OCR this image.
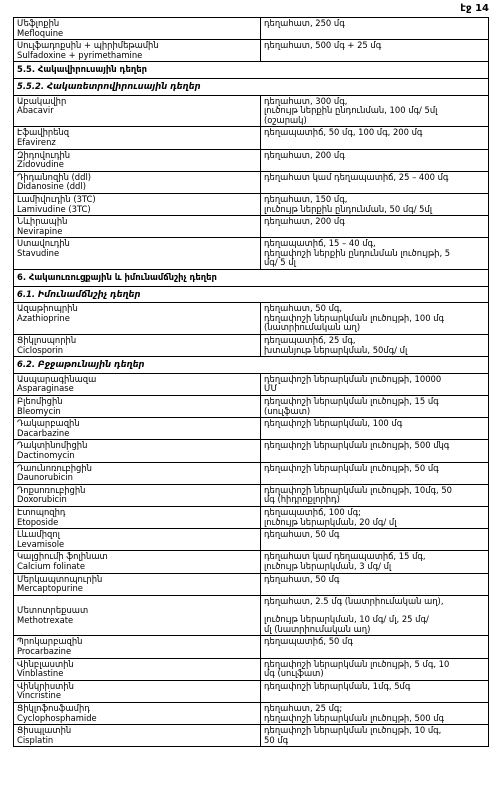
էջ 14
Մեֆլոքին
Mefloquine	դեղահատ, 250 մգ

Սուլֆադոքսին + պիրիմեթամին
Sulfadoxine + pyrimethamine	դեղահատ, 500 մգ + 25 մգ

5.5. Հակավիրուսային դեղեր	
5.5.2. Հակառետրովիրուսային դեղեր	

Աբակավիր
Abacavir	դեղահատ, 300 մգ,
լուծույթ ներքին ընդունման, 100 մգ/ 5մլ
(օշարակ)

Էֆավիրենզ
Efavirenz	դեղապատիճ, 50 մգ, 100 մգ, 200 մգ

Զիդովուդին
Zidovudine	դեղահատ, 200 մգ

Դիդանոզին (ddl)
Didanosine (ddl)	դեղահատ կամ դեղապատիճ, 25 – 400 մգ

Լամիվուդին (3TC)
Lamivudine (3TC)	դեղահատ, 150 մգ,
լուծույթ ներքին ընդունման, 50 մգ/ 5մլ

Նևիրապին
Nevirapine	դեղահատ, 200 մգ

Ստավուդին
Stavudine	դեղապատիճ, 15 – 40 մգ,
դեղափոշի ներքին ընդունման լուծույթի, 5
մգ/ 5 մլ

6. Հակաուռուցքային և իմունամճնշիչ դեղեր	
6.1. Իմունամճնշիչ դեղեր	

Ազաթիոպրին
Azathioprine	դեղահատ, 50 մգ,
դեղափոշի ներարկման լուծույթի, 100 մգ
(նատրիումական աղ)

Ցիկլոսպորին
Ciclosporin	դեղապատիճ, 25 մգ,
խտանյութ ներարկման, 50մգ/ մլ

6.2. Բջջաթունային դեղեր	

Ասպարագինազա
Asparaginase	դեղափոշի ներարկման լուծույթի, 10000
ՄՄ

Բլեոմիցին
Bleomycin	դեղափոշի ներարկման լուծույթի, 15 մգ
(սուլֆատ)

Դակարբազին
Dacarbazine	դեղափոշի ներարկման, 100 մգ

Դակտինոմիցին
Dactinomycin	դեղափոշի ներարկման լուծույթի, 500 մկգ

Դաունոռուբիցին
Daunorubicin	դեղափոշի ներարկման լուծույթի, 50 մգ

Դոքսոռուբիցին
Doxorubicin	դեղափոշի ներարկման լուծույթի, 10մգ, 50
մգ (հիդրոքլորիդ)

Էտոպոզիդ
Etoposide	դեղապատիճ, 100 մգ;
լուծույթ ներարկման, 20 մգ/ մլ

Լևամիզոլ
Levamisole	դեղահատ, 50 մգ

Կալցիումի ֆոլինատ
Calcium folinate	դեղահատ կամ դեղապատիճ, 15 մգ,
լուծույթ ներարկման, 3 մգ/ մլ

Մերկապտոպուրին
Mercaptopurine	դեղահատ, 50 մգ

Մետոտրեքսատ
Methotrexate	դեղահատ, 2.5 մգ (նատրիումական աղ),
լուծույթ ներարկման, 10 մգ/ մլ, 25 մգ/
մլ (նատրիումական աղ)

Պրոկարբազին
Procarbazine	դեղապատիճ, 50 մգ

Վինբլաստին
Vinblastine	դեղափոշի ներարկման լուծույթի, 5 մգ, 10
մգ (սուլֆատ)

Վինկրիստին
Vincristine	դեղափոշի ներարկման, 1մգ, 5մգ

Ցիկլոֆոսֆամիդ
Cyclophosphamide	դեղահատ, 25 մգ;
դեղափոշի ներարկման լուծույթի, 500 մգ

Ցիսպլատին
Cisplatin	դեղափոշի ներարկման լուծույթի, 10 մգ,
50 մգ
